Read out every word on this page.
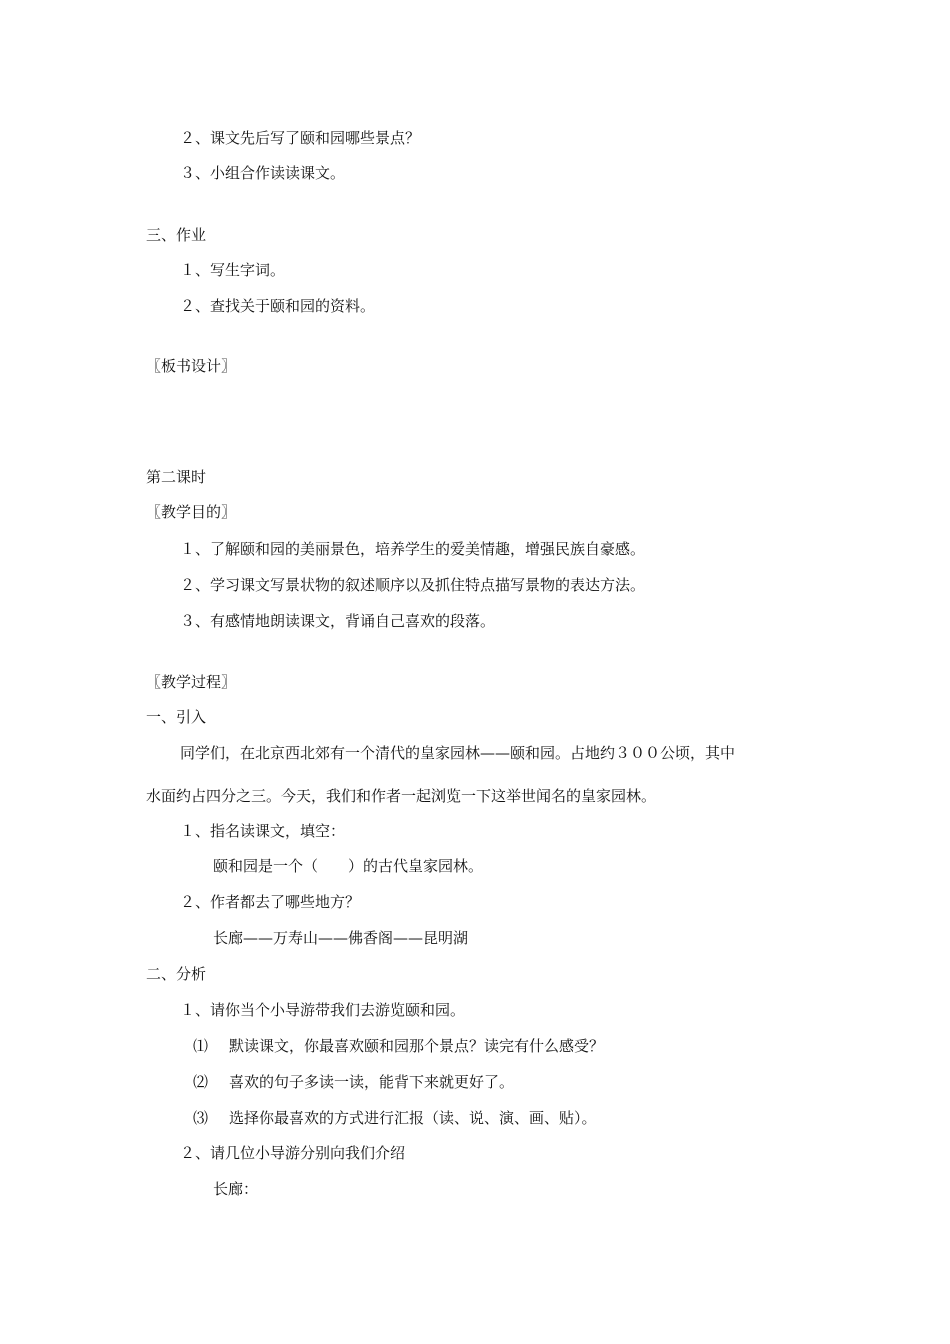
２、课文先后写了颐和园哪些景点？
３、小组合作读读课文。
三、作业
１、写生字词。
２、查找关于颐和园的资料。
〖板书设计〗
第二课时
〖教学目的〗
１、了解颐和园的美丽景色，培养学生的爱美情趣，增强民族自豪感。
２、学习课文写景状物的叙述顺序以及抓住特点描写景物的表达方法。
３、有感情地朗读课文，背诵自己喜欢的段落。
〖教学过程〗
一、引入
同学们，在北京西北郊有一个清代的皇家园林——颐和园。占地约３００公顷，其中
水面约占四分之三。今天，我们和作者一起浏览一下这举世闻名的皇家园林。
１、指名读课文，填空：
颐和园是一个（　　）的古代皇家园林。
２、作者都去了哪些地方？
长廊——万寿山——佛香阁——昆明湖
二、分析
１、请你当个小导游带我们去游览颐和园。
⑴ 默读课文，你最喜欢颐和园那个景点？读完有什么感受？
⑵ 喜欢的句子多读一读，能背下来就更好了。
⑶ 选择你最喜欢的方式进行汇报（读、说、演、画、贴）。
２、请几位小导游分别向我们介绍
长廊：
